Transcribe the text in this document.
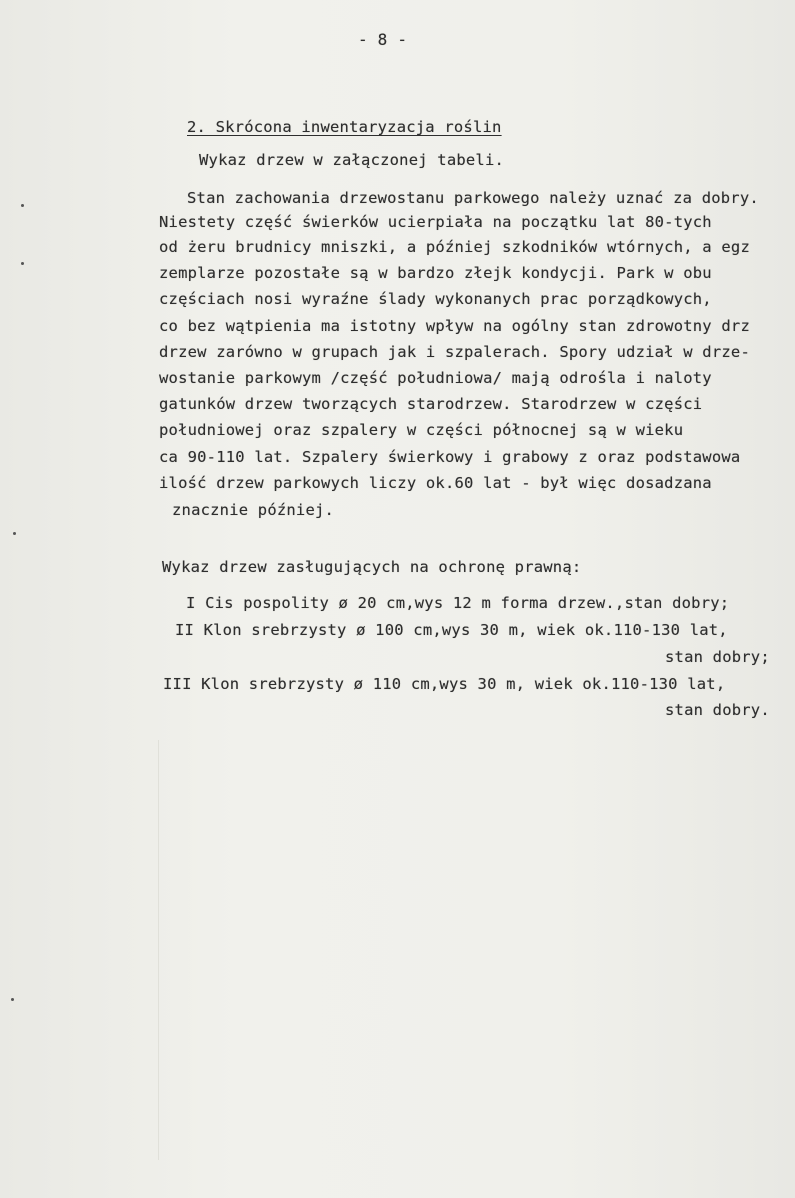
- 8 -
2. Skrócona inwentaryzacja roślin
Wykaz drzew w załączonej tabeli.
Stan zachowania drzewostanu parkowego należy uznać za dobry.
Niestety część świerków ucierpiała na początku lat 80-tych
od żeru brudnicy mniszki, a później szkodników wtórnych, a egz
zemplarze pozostałe są w bardzo złejk kondycji. Park w obu
częściach nosi wyraźne ślady wykonanych prac porządkowych,
co bez wątpienia ma istotny wpływ na ogólny stan zdrowotny drz
drzew zarówno w grupach jak i szpalerach. Spory udział w drze-
wostanie parkowym /część południowa/ mają odrośla i naloty
gatunków drzew tworzących starodrzew. Starodrzew w części
południowej oraz szpalery w części północnej są w wieku
ca 90-110 lat. Szpalery świerkowy i grabowy z oraz podstawowa
ilość drzew parkowych liczy ok.60 lat - był więc dosadzana
znacznie później.
Wykaz drzew zasługujących na ochronę prawną:
I Cis pospolity ø 20 cm,wys 12 m forma drzew.,stan dobry;
II Klon srebrzysty ø 100 cm,wys 30 m, wiek ok.110-130 lat,
stan dobry;
III Klon srebrzysty ø 110 cm,wys 30 m, wiek ok.110-130 lat,
stan dobry.
